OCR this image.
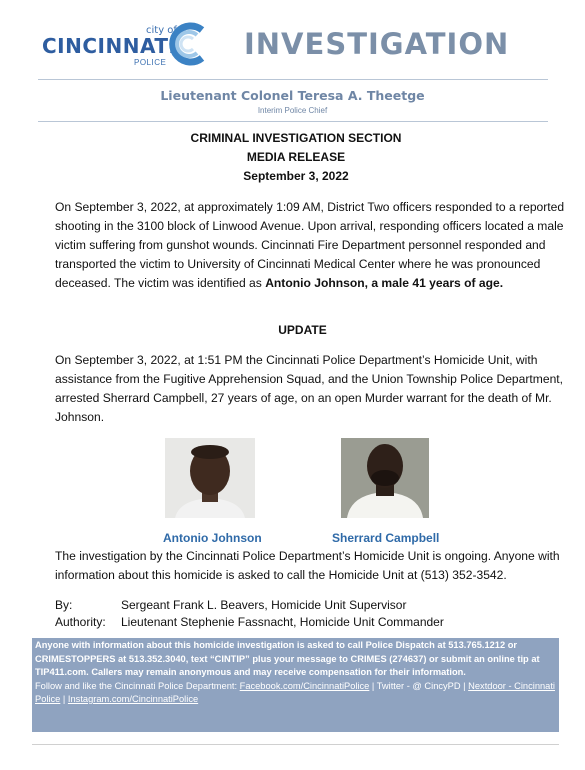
city of
CINCINNATI
POLICE
INVESTIGATION
Lieutenant Colonel Teresa A. Theetge
Interim Police Chief
CRIMINAL INVESTIGATION SECTION
MEDIA RELEASE
September 3, 2022
On September 3, 2022, at approximately 1:09 AM, District Two officers responded to a reported shooting in the 3100 block of Linwood Avenue. Upon arrival, responding officers located a male victim suffering from gunshot wounds. Cincinnati Fire Department personnel responded and transported the victim to University of Cincinnati Medical Center where he was pronounced deceased. The victim was identified as Antonio Johnson, a male 41 years of age.
UPDATE
On September 3, 2022, at 1:51 PM the Cincinnati Police Department’s Homicide Unit, with assistance from the Fugitive Apprehension Squad, and the Union Township Police Department, arrested Sherrard Campbell, 27 years of age, on an open Murder warrant for the death of Mr. Johnson.
Antonio Johnson	Sherrard Campbell
The investigation by the Cincinnati Police Department’s Homicide Unit is ongoing. Anyone with information about this homicide is asked to call the Homicide Unit at (513) 352-3542.
By:	Sergeant Frank L. Beavers, Homicide Unit Supervisor
Authority: Lieutenant Stephenie Fassnacht, Homicide Unit Commander
Anyone with information about this homicide investigation is asked to call Police Dispatch at 513.765.1212 or CRIMESTOPPERS at 513.352.3040, text “CINTIP” plus your message to CRIMES (274637) or submit an online tip at TIP411.com. Callers may remain anonymous and may receive compensation for their information.
Follow and like the Cincinnati Police Department: Facebook.com/CincinnatiPolice | Twitter - @ CincyPD | Nextdoor - Cincinnati Police | Instagram.com/CincinnatiPolice
